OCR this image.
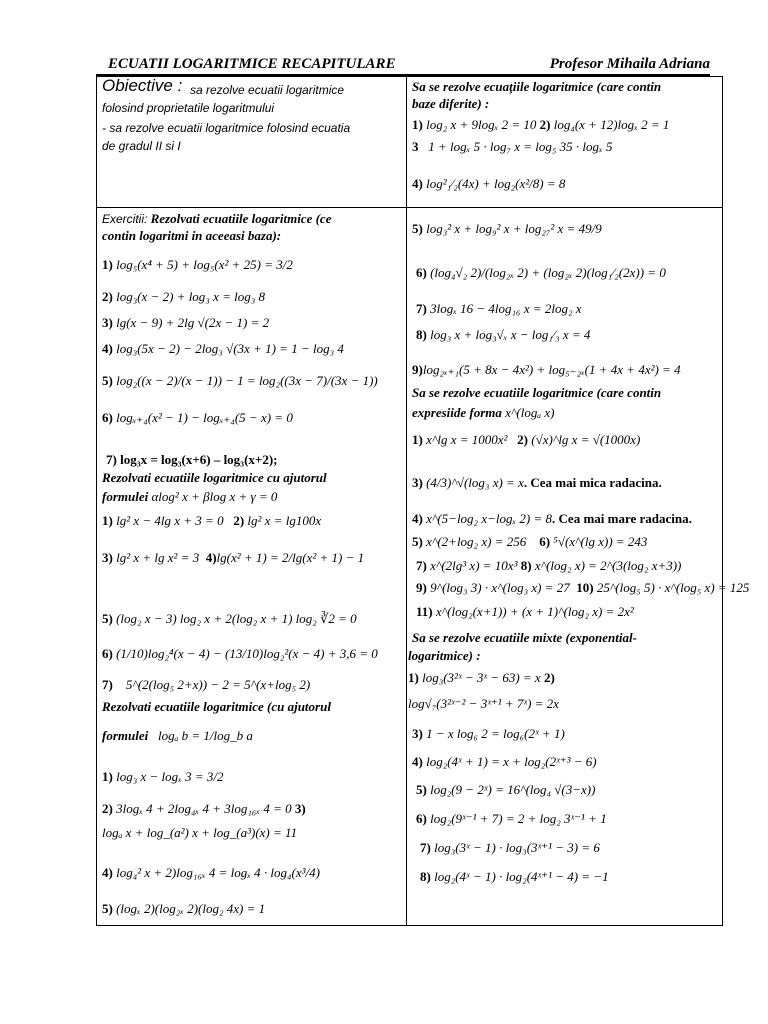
ECUATII LOGARITMICE RECAPITULARE	Profesor Mihaila Adriana
Obiective : sa rezolve ecuatii logaritmice
folosind proprietatile logaritmului
- sa rezolve ecuatii logaritmice folosind ecuatia
de gradul II si I
Exercitii: Rezolvati ecuatiile logaritmice (ce
contin logaritmi in aceeasi baza):
1) log₅(x⁴ + 5) + log₅(x² + 25) = 3/2
2) log₃(x − 2) + log₃ x = log₃ 8
3) lg(x − 9) + 2lg √(2x − 1) = 2
4) log₃(5x − 2) − 2log₃ √(3x + 1) = 1 − log₃ 4
5) log₂((x − 2)/(x − 1)) − 1 = log₂((3x − 7)/(3x − 1))
6) logₓ₊₄(x² − 1) − logₓ₊₄(5 − x) = 0
7) log₃x = log₃(x+6) – log₃(x+2);
Rezolvati ecuatiile logaritmice cu ajutorul
formulei αlog² x + βlog x + γ = 0
1) lg² x − 4lg x + 3 = 0   2) lg² x = lg100x
3) lg² x + lg x² = 3  4)lg(x² + 1) = 2/lg(x² + 1) − 1
5) (log₂ x − 3) log₂ x + 2(log₂ x + 1) log₂ ∛2 = 0
6) (1/10)log₂⁴(x − 4) − (13/10)log₂²(x − 4) + 3,6 = 0
7)    5^(2(log₅ 2+x)) − 2 = 5^(x+log₅ 2)
Rezolvati ecuatiile logaritmice (cu ajutorul
formulei logₐ b = 1/log_b a
1) log₃ x − logₓ 3 = 3/2
2) 3logₓ 4 + 2log₄ₓ 4 + 3log₁₆ₓ 4 = 0 3)
logₐ x + log_(a²) x + log_(a³)(x) = 11
4) log₄² x + 2)log₁₆ₓ 4 = logₓ 4 · log₄(x³/4)
5) (logₓ 2)(log₂ₓ 2)(log₂ 4x) = 1
Sa se rezolve ecuaţiile logaritmice (care contin
baze diferite) :
1) log₂ x + 9logₓ 2 = 10 2) log₄(x + 12)logₓ 2 = 1
3   1 + logₓ 5 · log₇ x = log₅ 35 · logₓ 5
4) log²₁⁄₂(4x) + log₂(x²/8) = 8
5) log₃² x + log₉² x + log₂₇² x = 49/9
6) (log₄√₂ 2)/(log₂ₓ 2) + (log₂ₓ 2)(log₁⁄₂(2x)) = 0
7) 3logₓ 16 − 4log₁₆ x = 2log₂ x
8) log₃ x + log₃√ₓ x − log₁⁄₃ x = 4
9)log₂ₓ₊₁(5 + 8x − 4x²) + log₅₋₂ₓ(1 + 4x + 4x²) = 4
Sa se rezolve ecuatiile logaritmice (care contin
expresiide forma x^(logₐ x)
1) x^lg x = 1000x²   2) (√x)^lg x = √(1000x)
3) (4/3)^√(log₃ x) = x. Cea mai mica radacina.
4) x^(5−log₂ x−logₓ 2) = 8. Cea mai mare radacina.
5) x^(2+log₂ x) = 256    6) ⁵√(x^(lg x)) = 243
7) x^(2lg³ x) = 10x³ 8) x^(log₂ x) = 2^(3(log₂ x+3))
9) 9^(log₃ 3) · x^(log₃ x) = 27  10) 25^(log₅ 5) · x^(log₅ x) = 125
11) x^(log₂(x+1)) + (x + 1)^(log₂ x) = 2x²
Sa se rezolve ecuatiile mixte (exponential-
logaritmice) :
1) log₃(3²ˣ − 3ˣ − 63) = x 2)
log√₇(3²ˣ⁻² − 3ˣ⁺¹ + 7ˣ) = 2x
3) 1 − x log₆ 2 = log₆(2ˣ + 1)
4) log₂(4ˣ + 1) = x + log₂(2ˣ⁺³ − 6)
5) log₂(9 − 2ˣ) = 16^(log₄ √(3−x))
6) log₂(9ˣ⁻¹ + 7) = 2 + log₂ 3ˣ⁻¹ + 1
7) log₃(3ˣ − 1) · log₃(3ˣ⁺¹ − 3) = 6
8) log₂(4ˣ − 1) · log₂(4ˣ⁺¹ − 4) = −1
